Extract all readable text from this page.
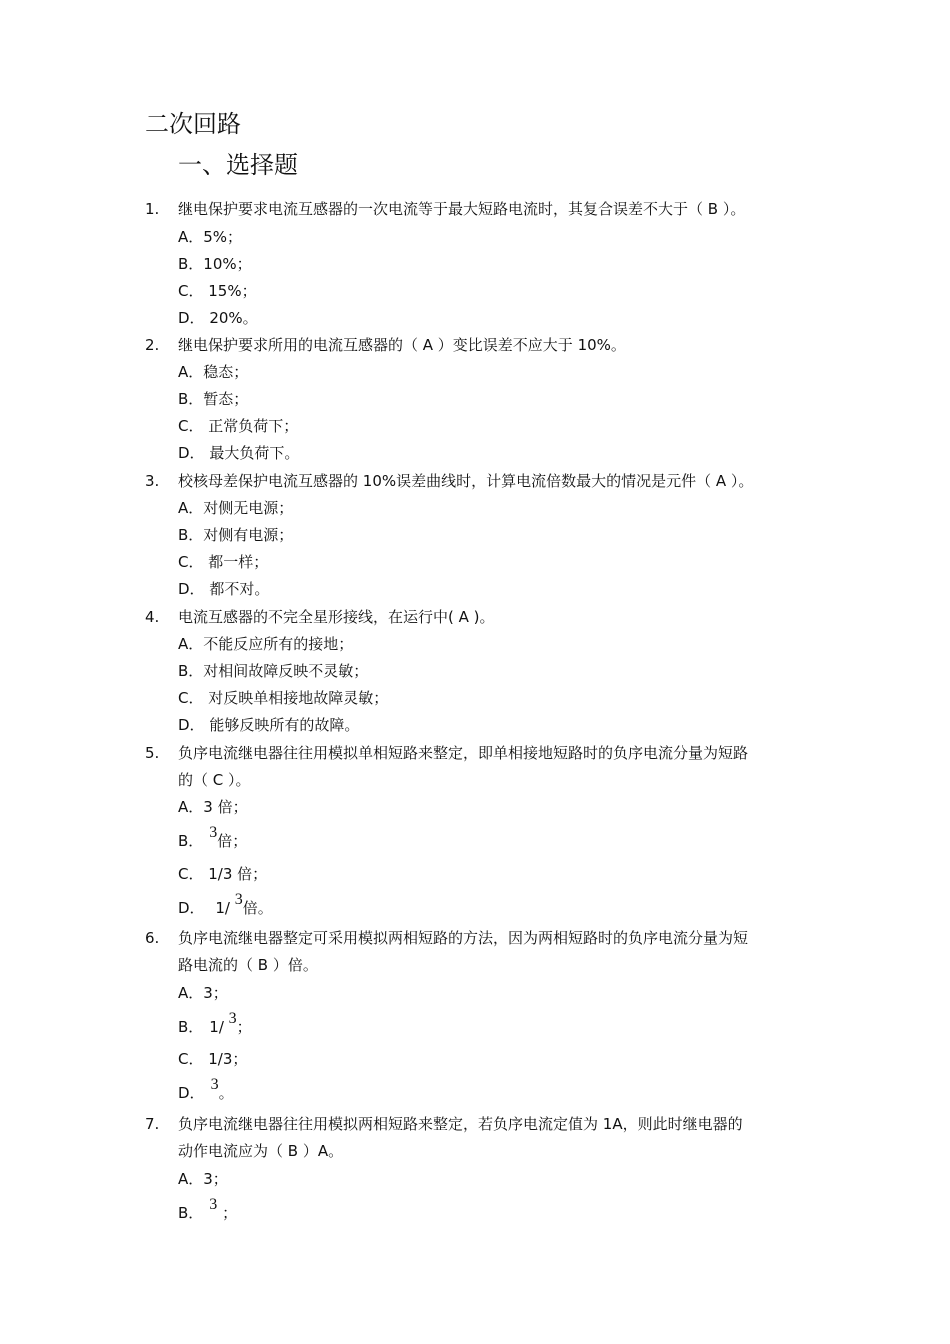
二次回路
一、选择题
1. 继电保护要求电流互感器的一次电流等于最大短路电流时，其复合误差不大于（ B ）。
A．5%；
B．10%；
C． 15%；
D． 20%。
2. 继电保护要求所用的电流互感器的（ A ）变比误差不应大于 10%。
A．稳态；
B．暂态；
C． 正常负荷下；
D． 最大负荷下。
3. 校核母差保护电流互感器的 10%误差曲线时，计算电流倍数最大的情况是元件（ A ）。
A．对侧无电源；
B．对侧有电源；
C． 都一样；
D． 都不对。
4. 电流互感器的不完全星形接线，在运行中( A )。
A．不能反应所有的接地；
B．对相间故障反映不灵敏；
C． 对反映单相接地故障灵敏；
D． 能够反映所有的故障。
5. 负序电流继电器往往用模拟单相短路来整定，即单相接地短路时的负序电流分量为短路
的（ C ）。
A．3 倍；
B． 3倍；
C． 1/3 倍；
D． 1/ 3倍。
6. 负序电流继电器整定可采用模拟两相短路的方法，因为两相短路时的负序电流分量为短
路电流的（ B ）倍。
A．3；
B． 1/ 3；
C． 1/3；
D． 3。
7. 负序电流继电器往往用模拟两相短路来整定，若负序电流定值为 1A，则此时继电器的
动作电流应为（ B ）A。
A．3；
B． 3 ；
